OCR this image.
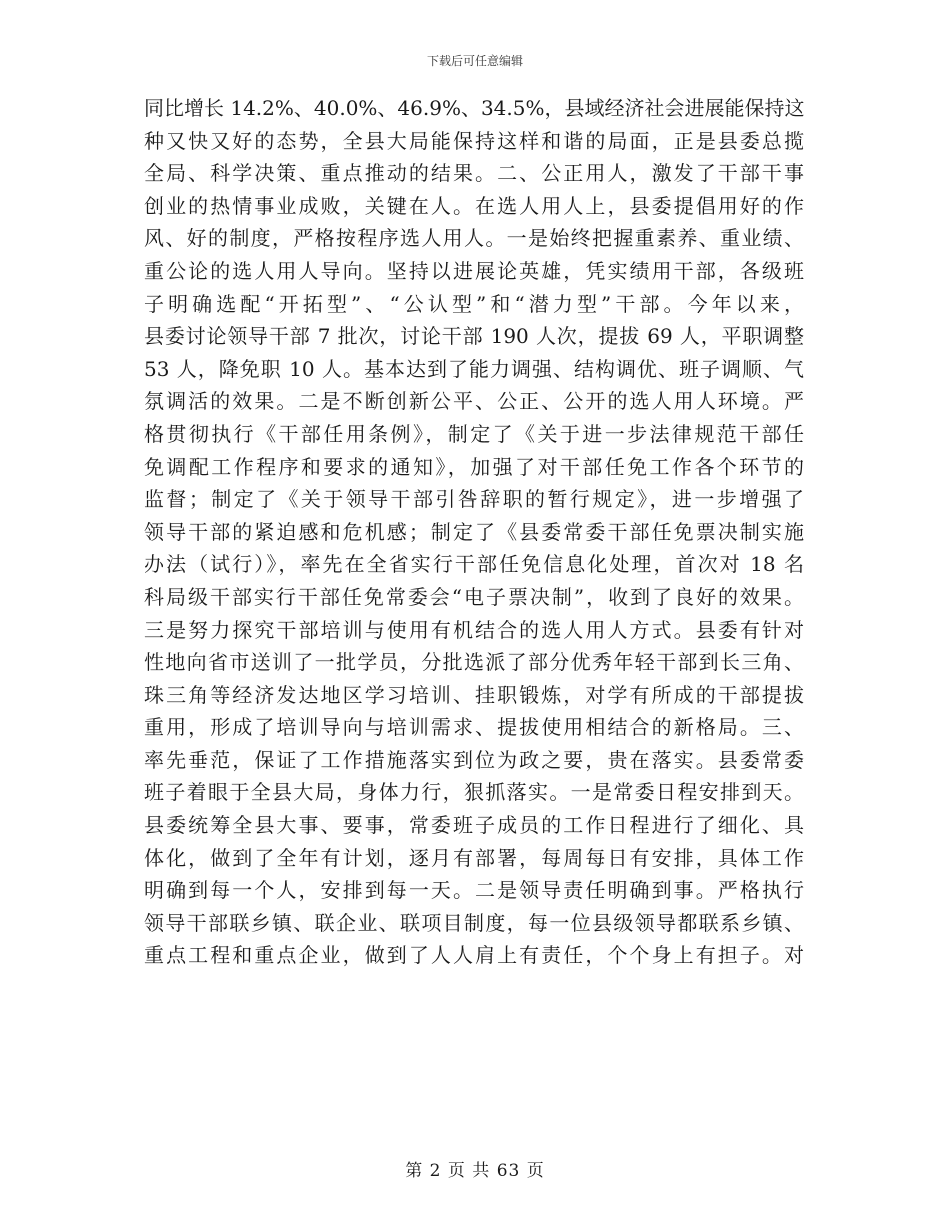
下载后可任意编辑
同比增长 14.2%、40.0%、46.9%、34.5%，县域经济社会进展能保持这
种又快又好的态势，全县大局能保持这样和谐的局面，正是县委总揽
全局、科学决策、重点推动的结果。二、公正用人，激发了干部干事
创业的热情事业成败，关键在人。在选人用人上，县委提倡用好的作
风、好的制度，严格按程序选人用人。一是始终把握重素养、重业绩、
重公论的选人用人导向。坚持以进展论英雄，凭实绩用干部，各级班
子明确选配“开拓型”、“公认型”和“潜力型”干部。今年以来，
县委讨论领导干部 7 批次，讨论干部 190 人次，提拔 69 人，平职调整
53 人，降免职 10 人。基本达到了能力调强、结构调优、班子调顺、气
氛调活的效果。二是不断创新公平、公正、公开的选人用人环境。严
格贯彻执行《干部任用条例》，制定了《关于进一步法律规范干部任
免调配工作程序和要求的通知》，加强了对干部任免工作各个环节的
监督；制定了《关于领导干部引咎辞职的暂行规定》，进一步增强了
领导干部的紧迫感和危机感；制定了《县委常委干部任免票决制实施
办法（试行）》，率先在全省实行干部任免信息化处理，首次对 18 名
科局级干部实行干部任免常委会“电子票决制”，收到了良好的效果。
三是努力探究干部培训与使用有机结合的选人用人方式。县委有针对
性地向省市送训了一批学员，分批选派了部分优秀年轻干部到长三角、
珠三角等经济发达地区学习培训、挂职锻炼，对学有所成的干部提拔
重用，形成了培训导向与培训需求、提拔使用相结合的新格局。三、
率先垂范，保证了工作措施落实到位为政之要，贵在落实。县委常委
班子着眼于全县大局，身体力行，狠抓落实。一是常委日程安排到天。
县委统筹全县大事、要事，常委班子成员的工作日程进行了细化、具
体化，做到了全年有计划，逐月有部署，每周每日有安排，具体工作
明确到每一个人，安排到每一天。二是领导责任明确到事。严格执行
领导干部联乡镇、联企业、联项目制度，每一位县级领导都联系乡镇、
重点工程和重点企业，做到了人人肩上有责任，个个身上有担子。对
第 2 页 共 63 页
